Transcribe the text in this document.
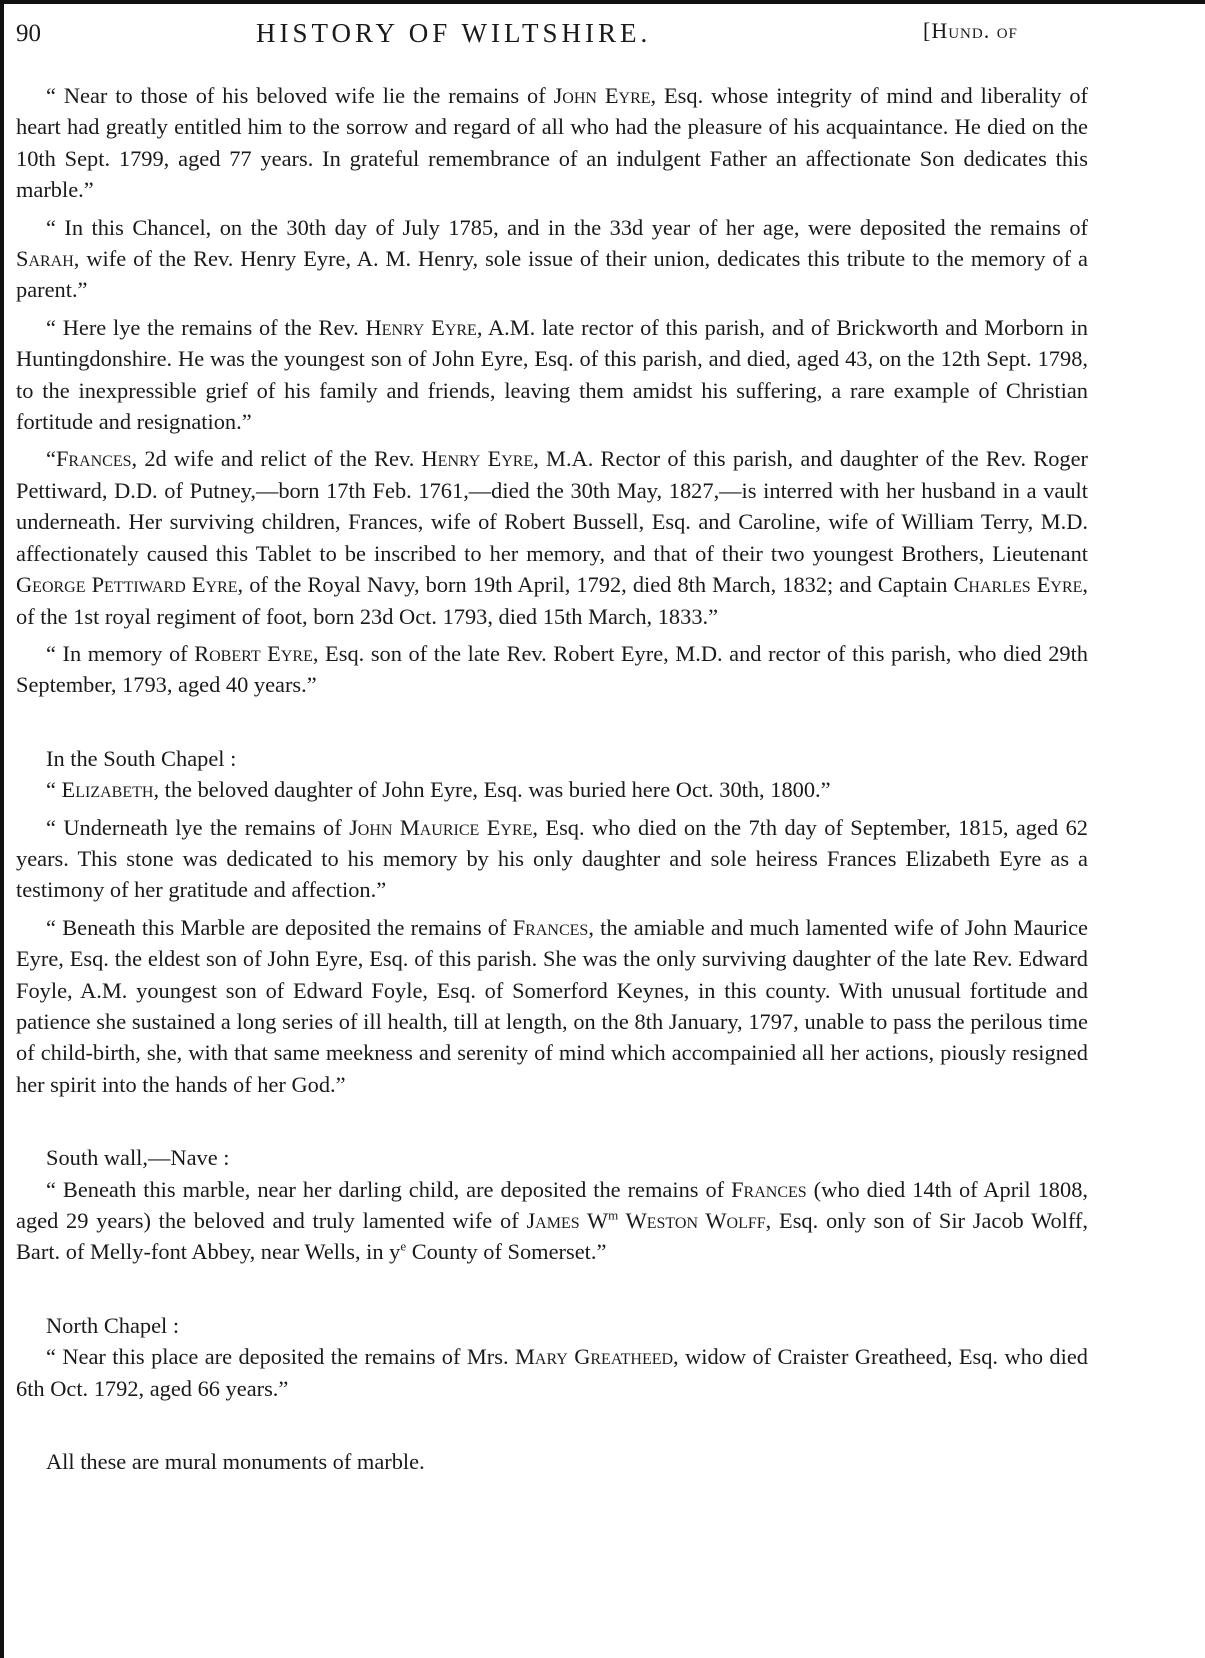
90	HISTORY OF WILTSHIRE.	[Hund. of

“ Near to those of his beloved wife lie the remains of John Eyre, Esq. whose integrity of mind and liberality of heart had greatly entitled him to the sorrow and regard of all who had the pleasure of his acquaintance. He died on the 10th Sept. 1799, aged 77 years. In grateful remembrance of an indulgent Father an affectionate Son dedicates this marble.”

“ In this Chancel, on the 30th day of July 1785, and in the 33d year of her age, were deposited the remains of Sarah, wife of the Rev. Henry Eyre, A. M. Henry, sole issue of their union, dedicates this tribute to the memory of a parent.”

“ Here lye the remains of the Rev. Henry Eyre, A.M. late rector of this parish, and of Brickworth and Morborn in Huntingdonshire. He was the youngest son of John Eyre, Esq. of this parish, and died, aged 43, on the 12th Sept. 1798, to the inexpressible grief of his family and friends, leaving them amidst his suffering, a rare example of Christian fortitude and resignation.”

“Frances, 2d wife and relict of the Rev. Henry Eyre, M.A. Rector of this parish, and daughter of the Rev. Roger Pettiward, D.D. of Putney,—born 17th Feb. 1761,—died the 30th May, 1827,—is interred with her husband in a vault underneath. Her surviving children, Frances, wife of Robert Bussell, Esq. and Caroline, wife of William Terry, M.D. affectionately caused this Tablet to be inscribed to her memory, and that of their two youngest Brothers, Lieutenant George Pettiward Eyre, of the Royal Navy, born 19th April, 1792, died 8th March, 1832; and Captain Charles Eyre, of the 1st royal regiment of foot, born 23d Oct. 1793, died 15th March, 1833.”

“ In memory of Robert Eyre, Esq. son of the late Rev. Robert Eyre, M.D. and rector of this parish, who died 29th September, 1793, aged 40 years.”

In the South Chapel :

“ Elizabeth, the beloved daughter of John Eyre, Esq. was buried here Oct. 30th, 1800.”

“ Underneath lye the remains of John Maurice Eyre, Esq. who died on the 7th day of September, 1815, aged 62 years. This stone was dedicated to his memory by his only daughter and sole heiress Frances Elizabeth Eyre as a testimony of her gratitude and affection.”

“ Beneath this Marble are deposited the remains of Frances, the amiable and much lamented wife of John Maurice Eyre, Esq. the eldest son of John Eyre, Esq. of this parish. She was the only surviving daughter of the late Rev. Edward Foyle, A.M. youngest son of Edward Foyle, Esq. of Somerford Keynes, in this county. With unusual fortitude and patience she sustained a long series of ill health, till at length, on the 8th January, 1797, unable to pass the perilous time of child-birth, she, with that same meekness and serenity of mind which accompainied all her actions, piously resigned her spirit into the hands of her God.”

South wall,—Nave :

“ Beneath this marble, near her darling child, are deposited the remains of Frances (who died 14th of April 1808, aged 29 years) the beloved and truly lamented wife of James $W^m$ Weston Wolff, Esq. only son of Sir Jacob Wolff, Bart. of Melly-font Abbey, near Wells, in $y^e$ County of Somerset.”

North Chapel :

“ Near this place are deposited the remains of Mrs. Mary Greatheed, widow of Craister Greatheed, Esq. who died 6th Oct. 1792, aged 66 years.”

All these are mural monuments of marble.
